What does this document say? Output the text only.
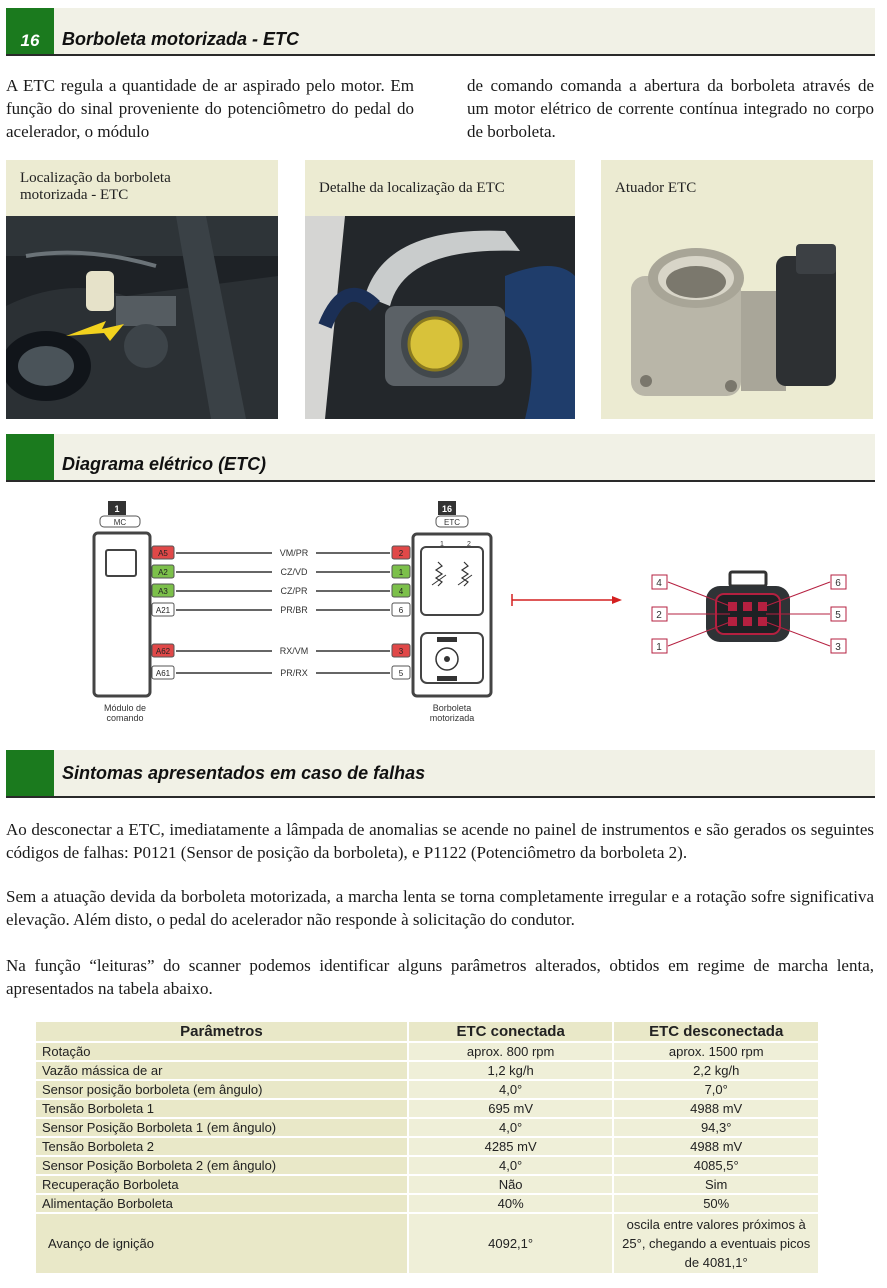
16	Borboleta motorizada - ETC
A ETC regula a quantidade de ar aspirado pelo motor. Em função do sinal proveniente do potenciômetro do pedal do acelerador, o módulo
de comando comanda a abertura da borboleta através de um motor elétrico de corrente contínua integrado no corpo de borboleta.
Localização da borboleta motorizada - ETC	Detalhe da localização da ETC	Atuador ETC
Diagrama elétrico (ETC)
1
MC
Módulo de
comando
16
ETC
1	2
Borboleta
motorizada
A5	VM/PR	2
A2	CZ/VD	1
A3	CZ/PR	4
A21	PR/BR	6
A62	RX/VM	3
A61	PR/RX	5
4
2
1
6
5
3
Sintomas apresentados em caso de falhas
Ao desconectar a ETC, imediatamente a lâmpada de anomalias se acende no painel de instrumentos e são gerados os seguintes códigos de falhas: P0121 (Sensor de posição da borboleta), e P1122 (Potenciômetro da borboleta 2).
Sem a atuação devida da borboleta motorizada, a marcha lenta se torna completamente irregular e a rotação sofre significativa elevação. Além disto, o pedal do acelerador não responde à solicitação do condutor.
Na função “leituras” do scanner podemos identificar alguns parâmetros alterados, obtidos em regime de marcha lenta, apresentados na tabela abaixo.
Parâmetros	ETC conectada	ETC desconectada
Rotação	aprox. 800 rpm	aprox. 1500 rpm
Vazão mássica de ar	1,2 kg/h	2,2 kg/h
Sensor posição borboleta (em ângulo)	4,0°	7,0°
Tensão Borboleta 1	695 mV	4988 mV
Sensor Posição Borboleta 1 (em ângulo)	4,0°	94,3°
Tensão Borboleta 2	4285 mV	4988 mV
Sensor Posição Borboleta 2 (em ângulo)	4,0°	4085,5°
Recuperação Borboleta	Não	Sim
Alimentação Borboleta	40%	50%
Avanço de ignição	4092,1°	oscila entre valores próximos à 25°, chegando a eventuais picos de 4081,1°
